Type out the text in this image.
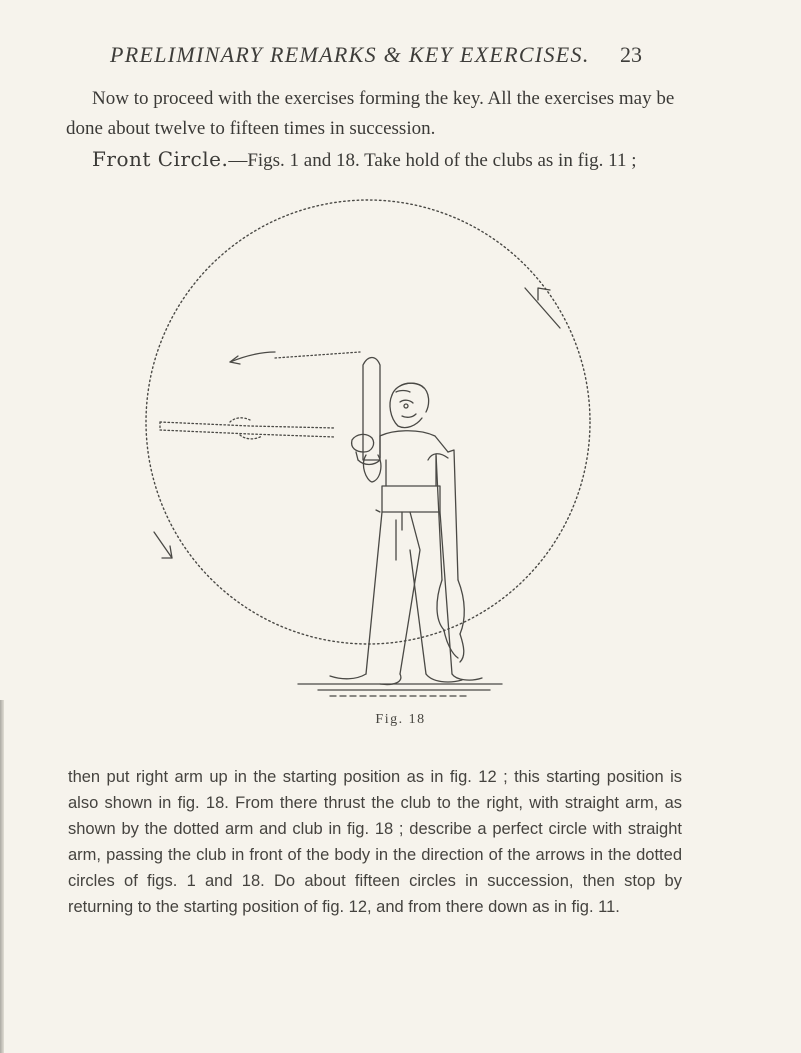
PRELIMINARY REMARKS & KEY EXERCISES.	23

Now to proceed with the exercises forming the key. All the exercises may be done about twelve to fifteen times in succession.

Front Circle.—Figs. 1 and 18. Take hold of the clubs as in fig. 11 ;

Fig. 18

then put right arm up in the starting position as in fig. 12 ; this starting position is also shown in fig. 18. From there thrust the club to the right, with straight arm, as shown by the dotted arm and club in fig. 18 ; describe a perfect circle with straight arm, passing the club in front of the body in the direction of the arrows in the dotted circles of figs. 1 and 18. Do about fifteen circles in succession, then stop by returning to the starting position of fig. 12, and from there down as in fig. 11.
